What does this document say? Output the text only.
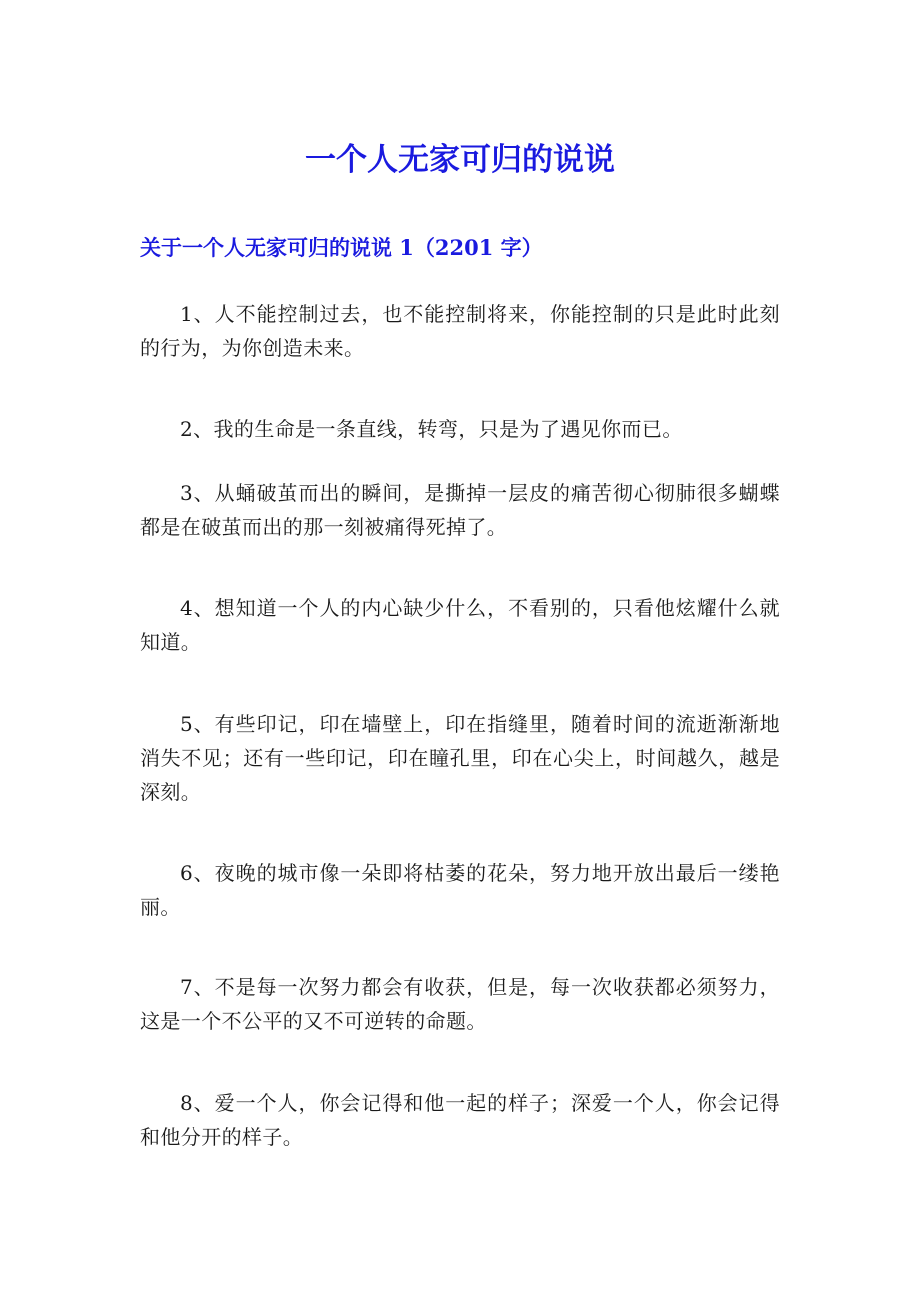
一个人无家可归的说说
关于一个人无家可归的说说 1（2201 字）

1、人不能控制过去，也不能控制将来，你能控制的只是此时此刻的行为，为你创造未来。

2、我的生命是一条直线，转弯，只是为了遇见你而已。

3、从蛹破茧而出的瞬间，是撕掉一层皮的痛苦彻心彻肺很多蝴蝶都是在破茧而出的那一刻被痛得死掉了。

4、想知道一个人的内心缺少什么，不看别的，只看他炫耀什么就知道。

5、有些印记，印在墙壁上，印在指缝里，随着时间的流逝渐渐地消失不见；还有一些印记，印在瞳孔里，印在心尖上，时间越久，越是深刻。

6、夜晚的城市像一朵即将枯萎的花朵，努力地开放出最后一缕艳丽。

7、不是每一次努力都会有收获，但是，每一次收获都必须努力，这是一个不公平的又不可逆转的命题。

8、爱一个人，你会记得和他一起的样子；深爱一个人，你会记得和他分开的样子。
